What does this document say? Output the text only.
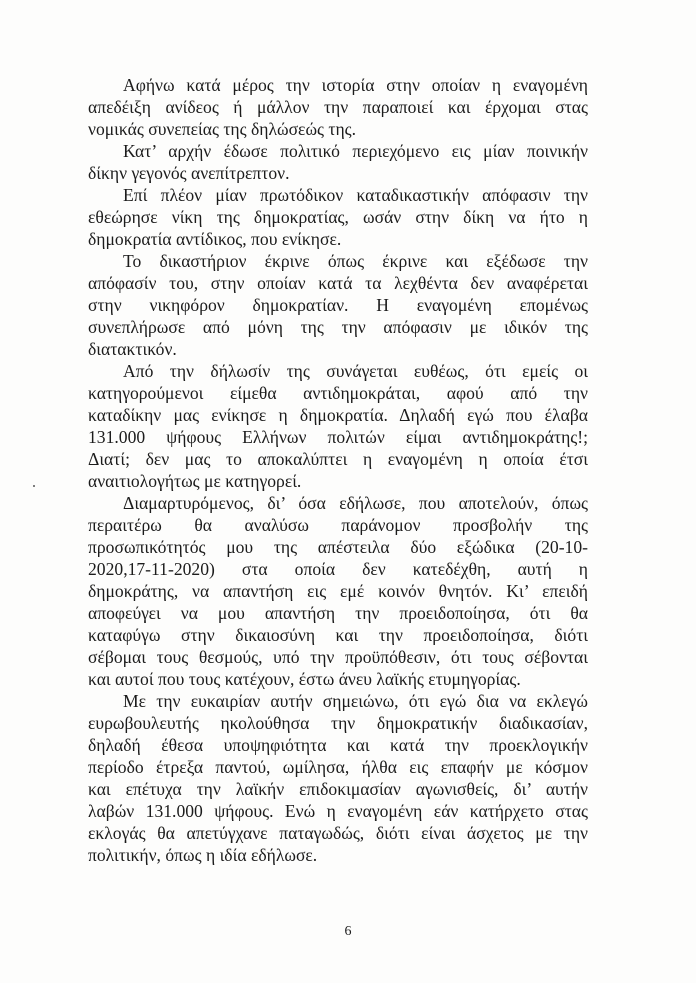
Αφήνω κατά μέρος την ιστορία στην οποίαν η εναγομένη
απεδέιξη ανίδεος ή μάλλον την παραποιεί και έρχομαι στας
νομικάς συνεπείας της δηλώσεώς της.
Κατ’ αρχήν έδωσε πολιτικό περιεχόμενο εις μίαν ποινικήν
δίκην γεγονός ανεπίτρεπτον.
Επί πλέον μίαν πρωτόδικον καταδικαστικήν απόφασιν την
εθεώρησε νίκη της δημοκρατίας, ωσάν στην δίκη να ήτο η
δημοκρατία αντίδικος, που ενίκησε.
Το δικαστήριον έκρινε όπως έκρινε και εξέδωσε την
απόφασίν του, στην οποίαν κατά τα λεχθέντα δεν αναφέρεται
στην νικηφόρον δημοκρατίαν. Η εναγομένη επομένως
συνεπλήρωσε από μόνη της την απόφασιν με ιδικόν της
διατακτικόν.
Από την δήλωσίν της συνάγεται ευθέως, ότι εμείς οι
κατηγορούμενοι είμεθα αντιδημοκράται, αφού από την
καταδίκην μας ενίκησε η δημοκρατία. Δηλαδή εγώ που έλαβα
131.000 ψήφους Ελλήνων πολιτών είμαι αντιδημοκράτης!;
Διατί; δεν μας το αποκαλύπτει η εναγομένη η οποία έτσι
αναιτιολογήτως με κατηγορεί.
Διαμαρτυρόμενος, δι’ όσα εδήλωσε, που αποτελούν, όπως
περαιτέρω θα αναλύσω παράνομον προσβολήν της
προσωπικότητός μου της απέστειλα δύο εξώδικα (20-10-
2020,17-11-2020) στα οποία δεν κατεδέχθη, αυτή η
δημοκράτης, να απαντήση εις εμέ κοινόν θνητόν. Κι’ επειδή
αποφεύγει να μου απαντήση την προειδοποίησα, ότι θα
καταφύγω στην δικαιοσύνη και την προειδοποίησα, διότι
σέβομαι τους θεσμούς, υπό την προϋπόθεσιν, ότι τους σέβονται
και αυτοί που τους κατέχουν, έστω άνευ λαϊκής ετυμηγορίας.
Με την ευκαιρίαν αυτήν σημειώνω, ότι εγώ δια να εκλεγώ
ευρωβουλευτής ηκολούθησα την δημοκρατικήν διαδικασίαν,
δηλαδή έθεσα υποψηφιότητα και κατά την προεκλογικήν
περίοδο έτρεξα παντού, ωμίλησα, ήλθα εις επαφήν με κόσμον
και επέτυχα την λαϊκήν επιδοκιμασίαν αγωνισθείς, δι’ αυτήν
λαβών 131.000 ψήφους. Ενώ η εναγομένη εάν κατήρχετο στας
εκλογάς θα απετύγχανε παταγωδώς, διότι είναι άσχετος με την
πολιτικήν, όπως η ιδία εδήλωσε.
6
